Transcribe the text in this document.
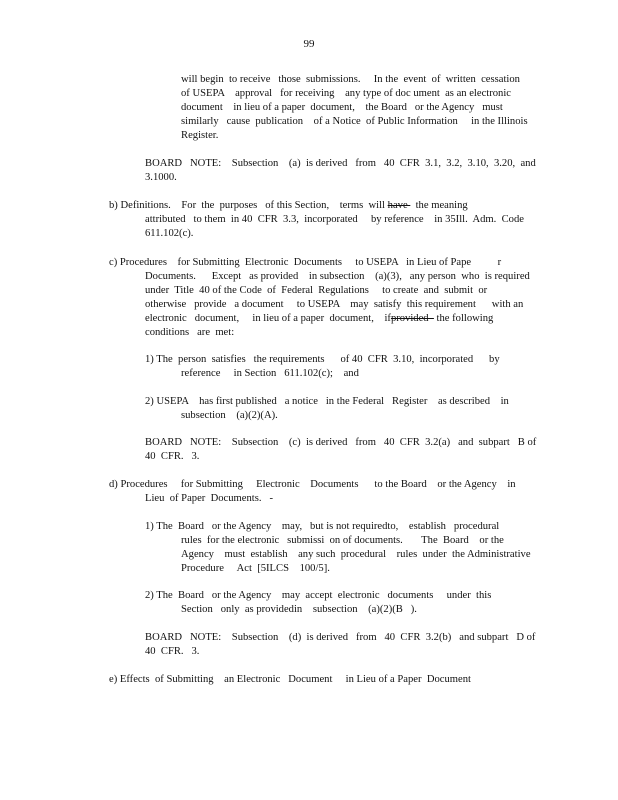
99
will begin  to receive   those  submissions.     In the  event  of  written  cessation
of USEPA    approval   for receiving    any type of doc ument  as an electronic
document    in lieu of a paper  document,    the Board   or the Agency   must
similarly   cause  publication    of a Notice  of Public Information     in the Illinois
Register.
BOARD   NOTE:    Subsection    (a)  is derived   from   40  CFR  3.1,  3.2,  3.10,  3.20,  and
3.1000.
b) Definitions.    For  the  purposes   of this Section,    terms  will have   the meaning
attributed   to them  in 40  CFR  3.3,  incorporated     by reference    in 35Ill.  Adm.  Code
611.102(c).
c) Procedures    for Submitting  Electronic  Documents     to USEPA   in Lieu of Pape          r
Documents.      Except   as provided    in subsection    (a)(3),   any person  who  is required
under  Title  40 of the Code  of  Federal  Regulations     to create  and  submit  or
otherwise   provide   a document     to USEPA    may  satisfy  this requirement      with an
electronic   document,     in lieu of a paper  document,    ifprovided   the following
conditions   are  met:
1) The  person  satisfies   the requirements      of 40  CFR  3.10,  incorporated      by
reference     in Section   611.102(c);    and
2) USEPA    has first published   a notice   in the Federal   Register    as described    in
subsection    (a)(2)(A).
BOARD   NOTE:    Subsection    (c)  is derived   from   40  CFR  3.2(a)   and  subpart   B of
40  CFR.   3.
d) Procedures     for Submitting     Electronic    Documents      to the Board    or the Agency    in
Lieu  of Paper  Documents.   -
1) The  Board   or the Agency    may,   but is not requiredto,    establish   procedural
rules  for the electronic   submissi  on of documents.       The  Board    or the
Agency    must  establish    any such  procedural    rules  under  the Administrative
Procedure     Act  [5ILCS    100/5].
2) The  Board   or the Agency    may  accept  electronic   documents     under  this
Section   only  as providedin    subsection    (a)(2)(B   ).
BOARD   NOTE:    Subsection    (d)  is derived   from   40  CFR  3.2(b)   and subpart   D of
40  CFR.   3.
e) Effects  of Submitting    an Electronic   Document     in Lieu of a Paper  Document
